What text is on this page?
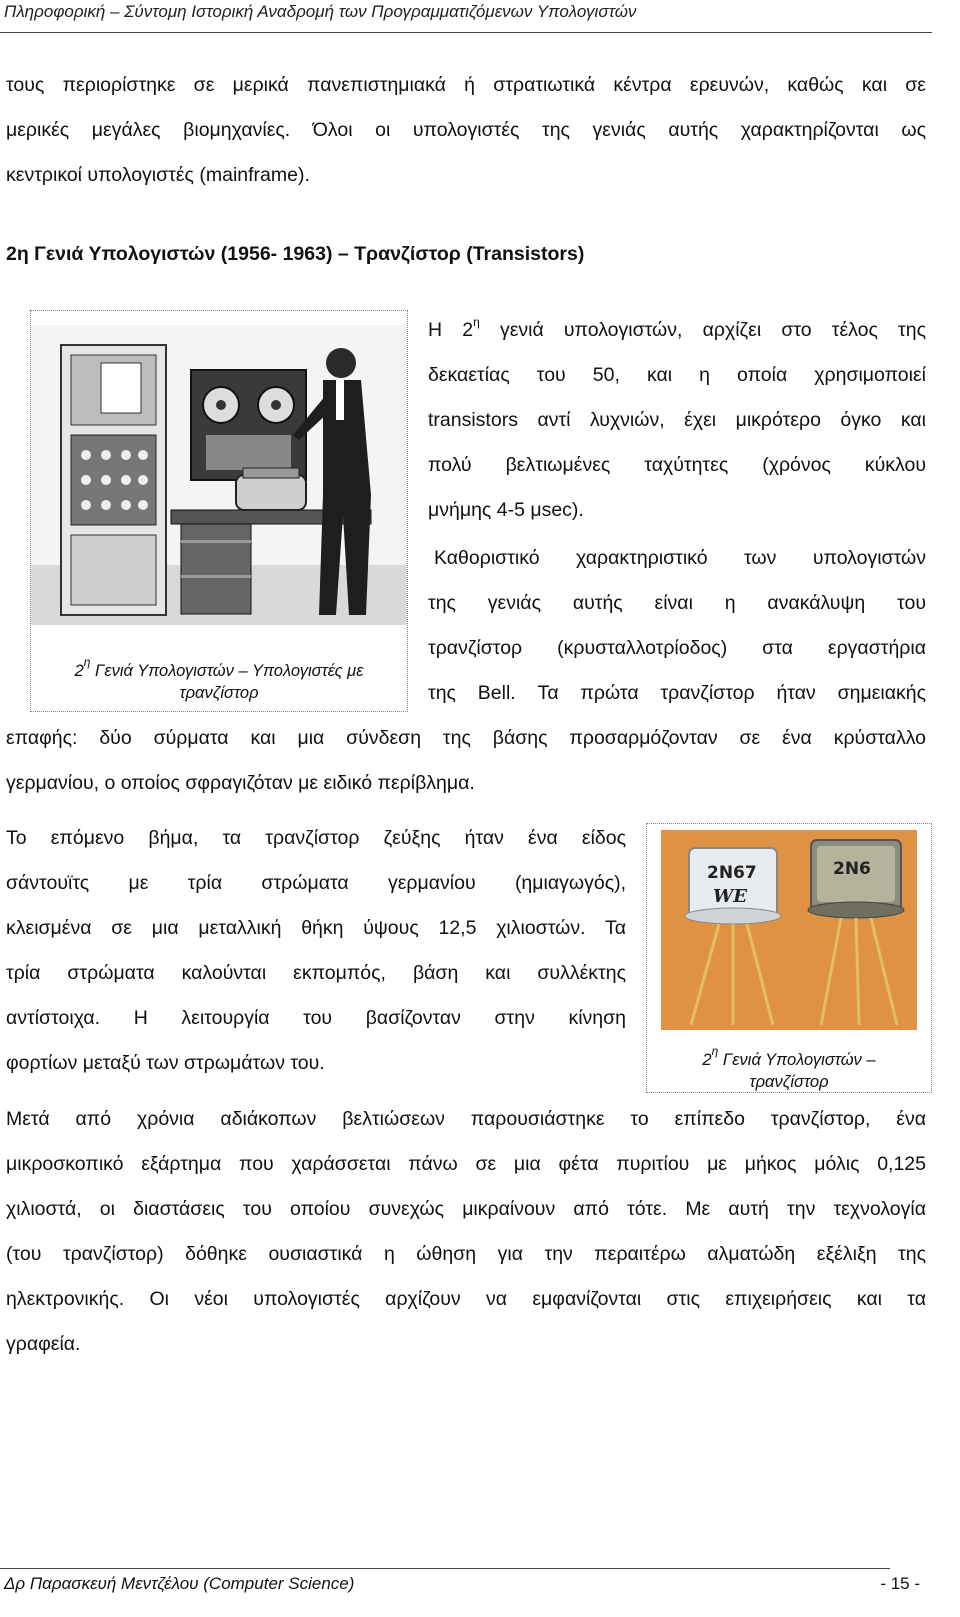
Πληροφορική – Σύντομη Ιστορική Αναδρομή των Προγραμματιζόμενων Υπολογιστών
τους περιορίστηκε σε μερικά πανεπιστημιακά ή στρατιωτικά κέντρα ερευνών, καθώς και σε
μερικές μεγάλες βιομηχανίες. Όλοι οι υπολογιστές της γενιάς αυτής χαρακτηρίζονται ως
κεντρικοί υπολογιστές (mainframe).
2η Γενιά Υπολογιστών (1956- 1963) – Τρανζίστορ (Transistors)
$2^\eta$ Γενιά Υπολογιστών – Υπολογιστές με
τρανζίστορ
Η $2^\eta$ γενιά υπολογιστών, αρχίζει στο τέλος της
δεκαετίας του 50, και η οποία χρησιμοποιεί
transistors αντί λυχνιών, έχει μικρότερο όγκο και
πολύ βελτιωμένες ταχύτητες (χρόνος κύκλου
μνήμης 4-5 μsec).
Καθοριστικό χαρακτηριστικό των υπολογιστών
της γενιάς αυτής είναι η ανακάλυψη του
τρανζίστορ (κρυσταλλοτρίοδος) στα εργαστήρια
της Bell. Τα πρώτα τρανζίστορ ήταν σημειακής
επαφής: δύο σύρματα και μια σύνδεση της βάσης προσαρμόζονταν σε ένα κρύσταλλο
γερμανίου, ο οποίος σφραγιζόταν με ειδικό περίβλημα.
Το επόμενο βήμα, τα τρανζίστορ ζεύξης ήταν ένα είδος
σάντουϊτς με τρία στρώματα γερμανίου (ημιαγωγός),
κλεισμένα σε μια μεταλλική θήκη ύψους 12,5 χιλιοστών. Τα
τρία στρώματα καλούνται εκπομπός, βάση και συλλέκτης
αντίστοιχα. Η λειτουργία του βασίζονταν στην κίνηση
φορτίων μεταξύ των στρωμάτων του.
2N67
WE
2N6
$2^\eta$ Γενιά Υπολογιστών –
τρανζίστορ
Μετά από χρόνια αδιάκοπων βελτιώσεων παρουσιάστηκε το επίπεδο τρανζίστορ, ένα
μικροσκοπικό εξάρτημα που χαράσσεται πάνω σε μια φέτα πυριτίου με μήκος μόλις 0,125
χιλιοστά, οι διαστάσεις του οποίου συνεχώς μικραίνουν από τότε. Με αυτή την τεχνολογία
(του τρανζίστορ) δόθηκε ουσιαστικά η ώθηση για την περαιτέρω αλματώδη εξέλιξη της
ηλεκτρονικής. Οι νέοι υπολογιστές αρχίζουν να εμφανίζονται στις επιχειρήσεις και τα
γραφεία.
Δρ Παρασκευή Μεντζέλου (Computer Science)	- 15 -
